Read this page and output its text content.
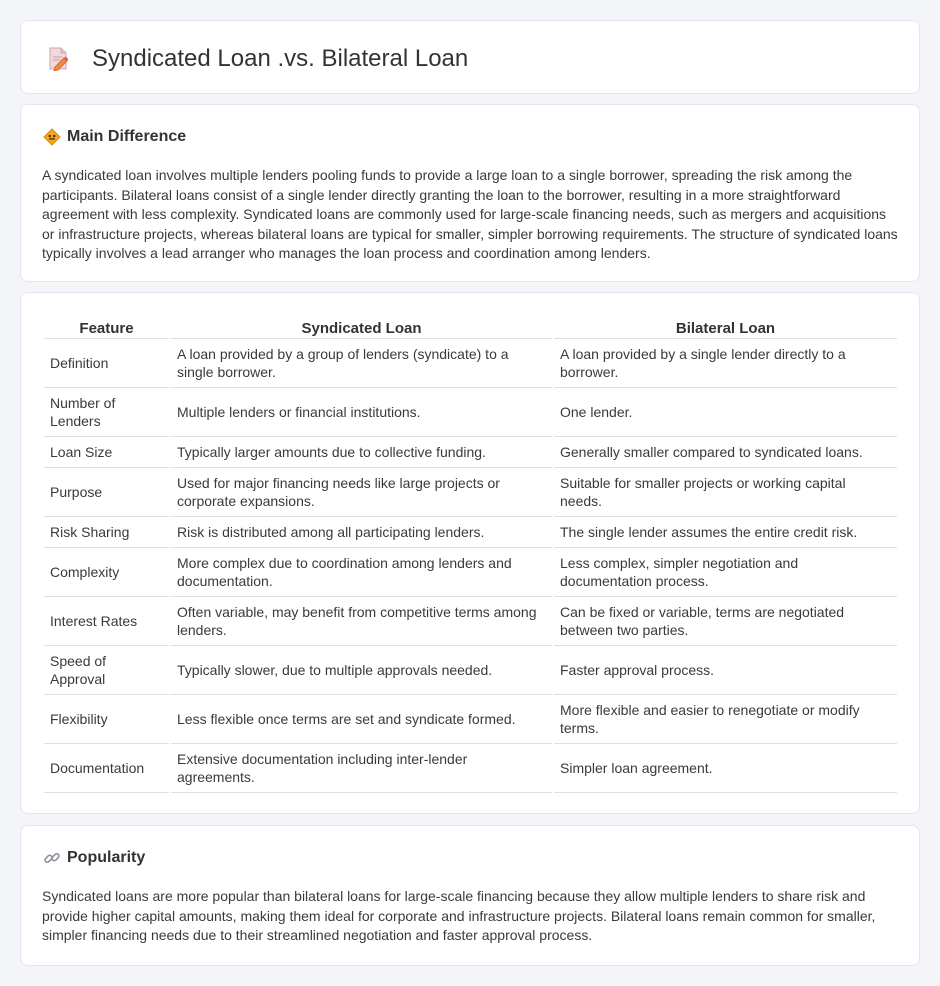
Syndicated Loan .vs. Bilateral Loan
Main Difference

A syndicated loan involves multiple lenders pooling funds to provide a large loan to a single borrower, spreading the risk among the participants. Bilateral loans consist of a single lender directly granting the loan to the borrower, resulting in a more straightforward agreement with less complexity. Syndicated loans are commonly used for large-scale financing needs, such as mergers and acquisitions or infrastructure projects, whereas bilateral loans are typical for smaller, simpler borrowing requirements. The structure of syndicated loans typically involves a lead arranger who manages the loan process and coordination among lenders.

Feature	Syndicated Loan	Bilateral Loan
Definition	A loan provided by a group of lenders (syndicate) to a single borrower.	A loan provided by a single lender directly to a borrower.
Number of Lenders	Multiple lenders or financial institutions.	One lender.
Loan Size	Typically larger amounts due to collective funding.	Generally smaller compared to syndicated loans.
Purpose	Used for major financing needs like large projects or corporate expansions.	Suitable for smaller projects or working capital needs.
Risk Sharing	Risk is distributed among all participating lenders.	The single lender assumes the entire credit risk.
Complexity	More complex due to coordination among lenders and documentation.	Less complex, simpler negotiation and documentation process.
Interest Rates	Often variable, may benefit from competitive terms among lenders.	Can be fixed or variable, terms are negotiated between two parties.
Speed of Approval	Typically slower, due to multiple approvals needed.	Faster approval process.
Flexibility	Less flexible once terms are set and syndicate formed.	More flexible and easier to renegotiate or modify terms.
Documentation	Extensive documentation including inter-lender agreements.	Simpler loan agreement.
Popularity

Syndicated loans are more popular than bilateral loans for large-scale financing because they allow multiple lenders to share risk and provide higher capital amounts, making them ideal for corporate and infrastructure projects. Bilateral loans remain common for smaller, simpler financing needs due to their streamlined negotiation and faster approval process.
